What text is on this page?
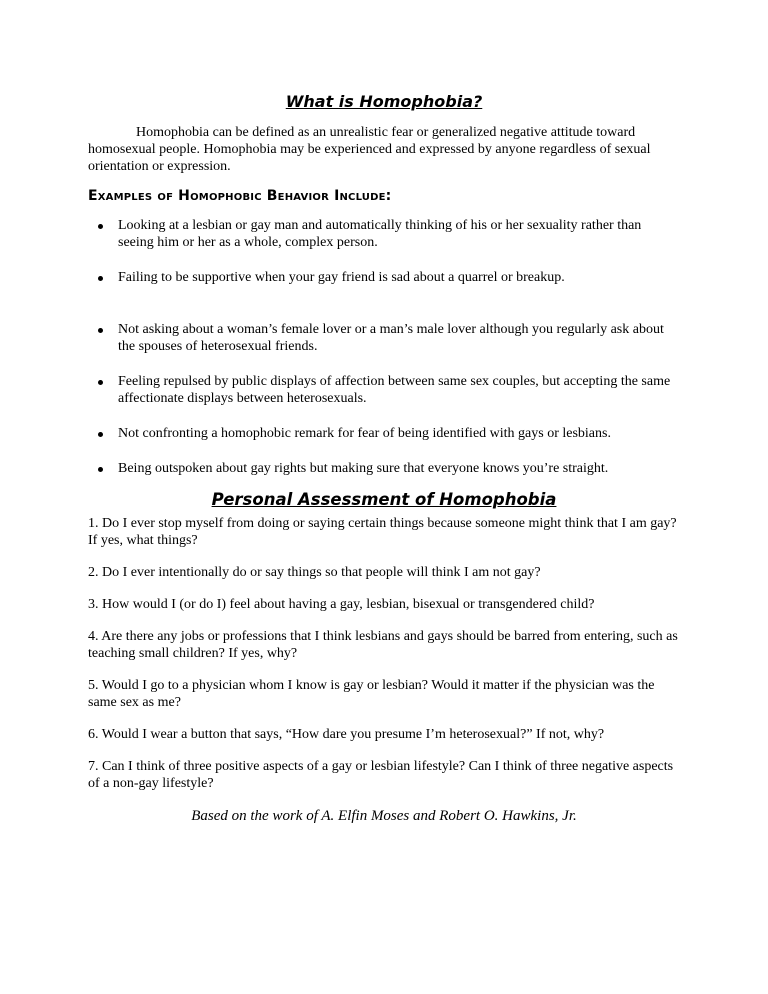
What is Homophobia?

Homophobia can be defined as an unrealistic fear or generalized negative attitude toward homosexual people. Homophobia may be experienced and expressed by anyone regardless of sexual orientation or expression.

Examples of Homophobic Behavior Include:
Looking at a lesbian or gay man and automatically thinking of his or her sexuality rather than seeing him or her as a whole, complex person.
Failing to be supportive when your gay friend is sad about a quarrel or breakup.
Not asking about a woman’s female lover or a man’s male lover although you regularly ask about the spouses of heterosexual friends.
Feeling repulsed by public displays of affection between same sex couples, but accepting the same affectionate displays between heterosexuals.
Not confronting a homophobic remark for fear of being identified with gays or lesbians.
Being outspoken about gay rights but making sure that everyone knows you’re straight.
Personal Assessment of Homophobia

1. Do I ever stop myself from doing or saying certain things because someone might think that I am gay? If yes, what things?

2. Do I ever intentionally do or say things so that people will think I am not gay?

3. How would I (or do I) feel about having a gay, lesbian, bisexual or transgendered child?

4. Are there any jobs or professions that I think lesbians and gays should be barred from entering, such as teaching small children? If yes, why?

5. Would I go to a physician whom I know is gay or lesbian? Would it matter if the physician was the same sex as me?

6. Would I wear a button that says, “How dare you presume I’m heterosexual?” If not, why?

7. Can I think of three positive aspects of a gay or lesbian lifestyle? Can I think of three negative aspects of a non-gay lifestyle?

Based on the work of A. Elfin Moses and Robert O. Hawkins, Jr.
